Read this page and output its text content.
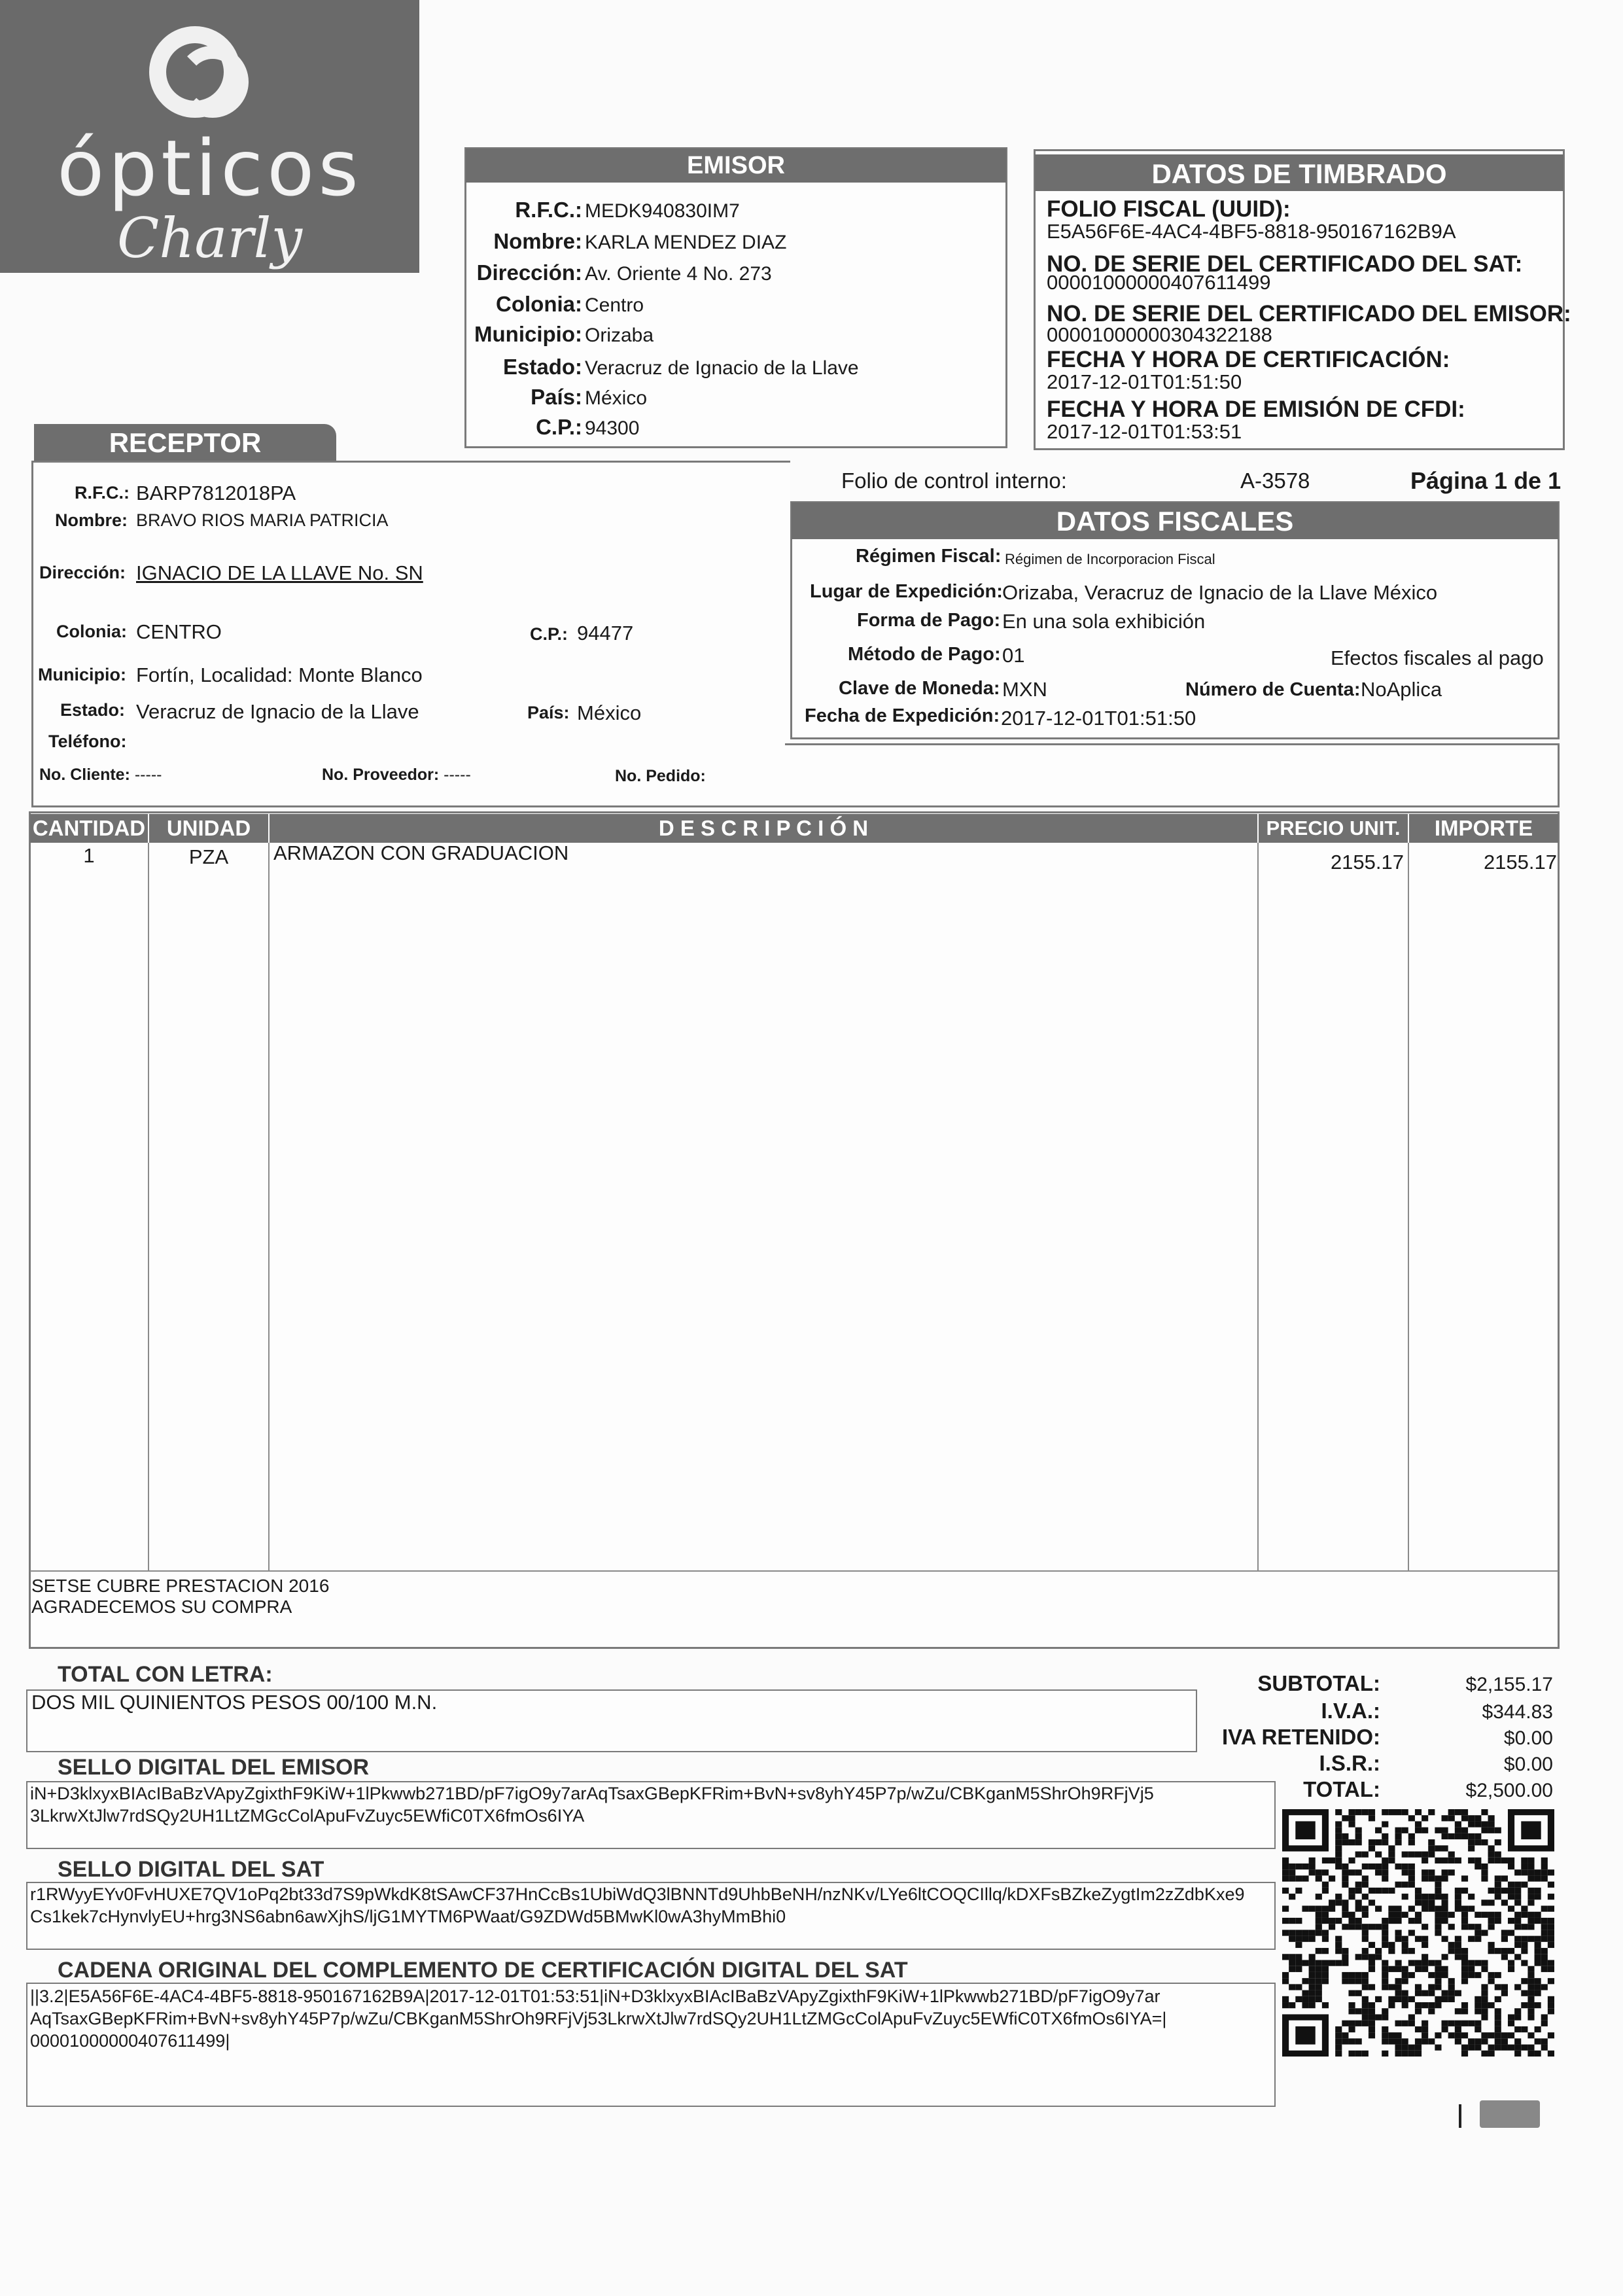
ópticos
Charly
EMISOR
R.F.C.: MEDK940830IM7
Nombre: KARLA MENDEZ DIAZ
Dirección: Av. Oriente 4 No. 273
Colonia: Centro
Municipio: Orizaba
Estado: Veracruz de Ignacio de la Llave
País: México
C.P.: 94300
DATOS DE TIMBRADO
FOLIO FISCAL (UUID):
E5A56F6E-4AC4-4BF5-8818-950167162B9A
NO. DE SERIE DEL CERTIFICADO DEL SAT:
00001000000407611499
NO. DE SERIE DEL CERTIFICADO DEL EMISOR:
00001000000304322188
FECHA Y HORA DE CERTIFICACIÓN:
2017-12-01T01:51:50
FECHA Y HORA DE EMISIÓN DE CFDI:
2017-12-01T01:53:51
RECEPTOR
R.F.C.: BARP7812018PA
Nombre: BRAVO RIOS MARIA PATRICIA
Dirección: IGNACIO DE LA LLAVE No. SN
Colonia: CENTRO	C.P.: 94477
Municipio: Fortín, Localidad: Monte Blanco
Estado: Veracruz de Ignacio de la Llave	País: México
Teléfono:
No. Cliente: -----	No. Proveedor: -----	No. Pedido:
Folio de control interno:	A-3578	Página 1 de 1
DATOS FISCALES
Régimen Fiscal: Régimen de Incorporacion Fiscal
Lugar de Expedición: Orizaba, Veracruz de Ignacio de la Llave México
Forma de Pago: En una sola exhibición
Método de Pago: 01	Efectos fiscales al pago
Clave de Moneda: MXN	Número de Cuenta: NoAplica
Fecha de Expedición: 2017-12-01T01:51:50
CANTIDAD UNIDAD	D E S C R I P C I Ó N	PRECIO UNIT.	IMPORTE
1	PZA	ARMAZON CON GRADUACION	2155.17	2155.17
SETSE CUBRE PRESTACION 2016
AGRADECEMOS SU COMPRA
TOTAL CON LETRA:
DOS MIL QUINIENTOS PESOS 00/100 M.N.
SUBTOTAL:	$2,155.17
I.V.A.:	$344.83
IVA RETENIDO:	$0.00
I.S.R.:	$0.00
TOTAL:	$2,500.00
SELLO DIGITAL DEL EMISOR
iN+D3klxyxBIAcIBaBzVApyZgixthF9KiW+1lPkwwb271BD/pF7igO9y7arAqTsaxGBepKFRim+BvN+sv8yhY45P7p/wZu/CBKganM5ShrOh9RFjVj53LkrwXtJlw7rdSQy2UH1LtZMGcColApuFvZuyc5EWfiC0TX6fmOs6IYA
SELLO DIGITAL DEL SAT
r1RWyyEYv0FvHUXE7QV1oPq2bt33d7S9pWkdK8tSAwCF37HnCcBs1UbiWdQ3lBNNTd9UhbBeNH/nzNKv/LYe6ltCOQCIllq/kDXFsBZkeZygtIm2zZdbKxe9Cs1kek7cHynvlyEU+hrg3NS6abn6awXjhS/ljG1MYTM6PWaat/G9ZDWd5BMwKl0wA3hyMmBhi0
CADENA ORIGINAL DEL COMPLEMENTO DE CERTIFICACIÓN DIGITAL DEL SAT
||3.2|E5A56F6E-4AC4-4BF5-8818-950167162B9A|2017-12-01T01:53:51|iN+D3klxyxBIAcIBaBzVApyZgixthF9KiW+1lPkwwb271BD/pF7igO9y7arAqTsaxGBepKFRim+BvN+sv8yhY45P7p/wZu/CBKganM5ShrOh9RFjVj53LkrwXtJlw7rdSQy2UH1LtZMGcColApuFvZuyc5EWfiC0TX6fmOs6IYA=|00001000000407611499|
